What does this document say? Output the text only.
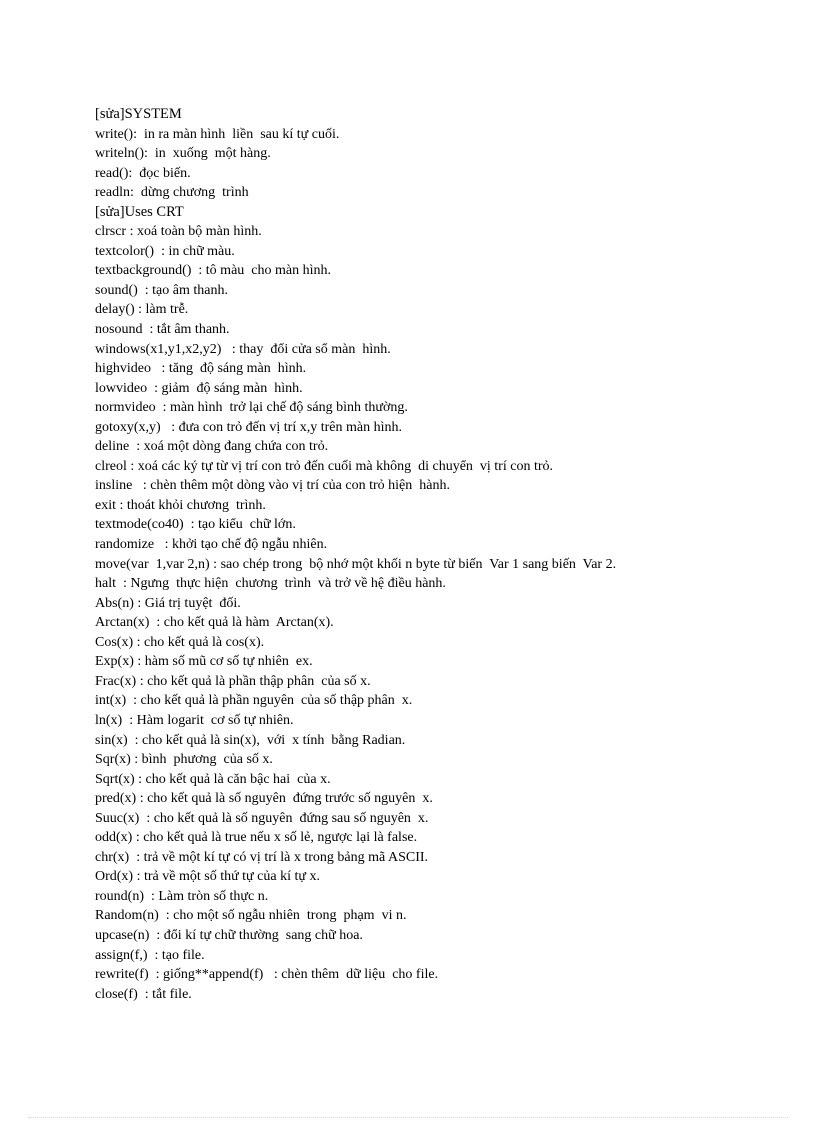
[sửa]SYSTEM
write():  in ra màn hình  liền  sau kí tự cuối.
writeln():  in  xuống  một hàng.
read():  đọc biến.
readln:  dừng chương  trình
[sửa]Uses CRT
clrscr : xoá toàn bộ màn hình.
textcolor()  : in chữ màu.
textbackground()  : tô màu  cho màn hình.
sound()  : tạo âm thanh.
delay() : làm trễ.
nosound  : tắt âm thanh.
windows(x1,y1,x2,y2)   : thay  đổi cửa sổ màn  hình.
highvideo   : tăng  độ sáng màn  hình.
lowvideo  : giảm  độ sáng màn  hình.
normvideo  : màn hình  trở lại chế độ sáng bình thường.
gotoxy(x,y)   : đưa con trỏ đến vị trí x,y trên màn hình.
deline  : xoá một dòng đang chứa con trỏ.
clreol : xoá các ký tự từ vị trí con trỏ đến cuối mà không  di chuyển  vị trí con trỏ.
insline   : chèn thêm một dòng vào vị trí của con trỏ hiện  hành.
exit : thoát khỏi chương  trình.
textmode(co40)  : tạo kiểu  chữ lớn.
randomize   : khởi tạo chế độ ngẫu nhiên.
move(var  1,var 2,n) : sao chép trong  bộ nhớ một khối n byte từ biến  Var 1 sang biến  Var 2.
halt  : Ngưng  thực hiện  chương  trình  và trở về hệ điều hành.
Abs(n) : Giá trị tuyệt  đối.
Arctan(x)  : cho kết quả là hàm  Arctan(x).
Cos(x) : cho kết quả là cos(x).
Exp(x) : hàm số mũ cơ số tự nhiên  ex.
Frac(x) : cho kết quả là phần thập phân  của số x.
int(x)  : cho kết quả là phần nguyên  của số thập phân  x.
ln(x)  : Hàm logarit  cơ số tự nhiên.
sin(x)  : cho kết quả là sin(x),  với  x tính  bằng Radian.
Sqr(x) : bình  phương  của số x.
Sqrt(x) : cho kết quả là căn bậc hai  của x.
pred(x) : cho kết quả là số nguyên  đứng trước số nguyên  x.
Suuc(x)  : cho kết quả là số nguyên  đứng sau số nguyên  x.
odd(x) : cho kết quả là true nếu x số lẻ, ngược lại là false.
chr(x)  : trả về một kí tự có vị trí là x trong bảng mã ASCII.
Ord(x) : trả về một số thứ tự của kí tự x.
round(n)  : Làm tròn số thực n.
Random(n)  : cho một số ngẫu nhiên  trong  phạm  vi n.
upcase(n)  : đổi kí tự chữ thường  sang chữ hoa.
assign(f,)  : tạo file.
rewrite(f)  : giống**append(f)   : chèn thêm  dữ liệu  cho file.
close(f)  : tắt file.
